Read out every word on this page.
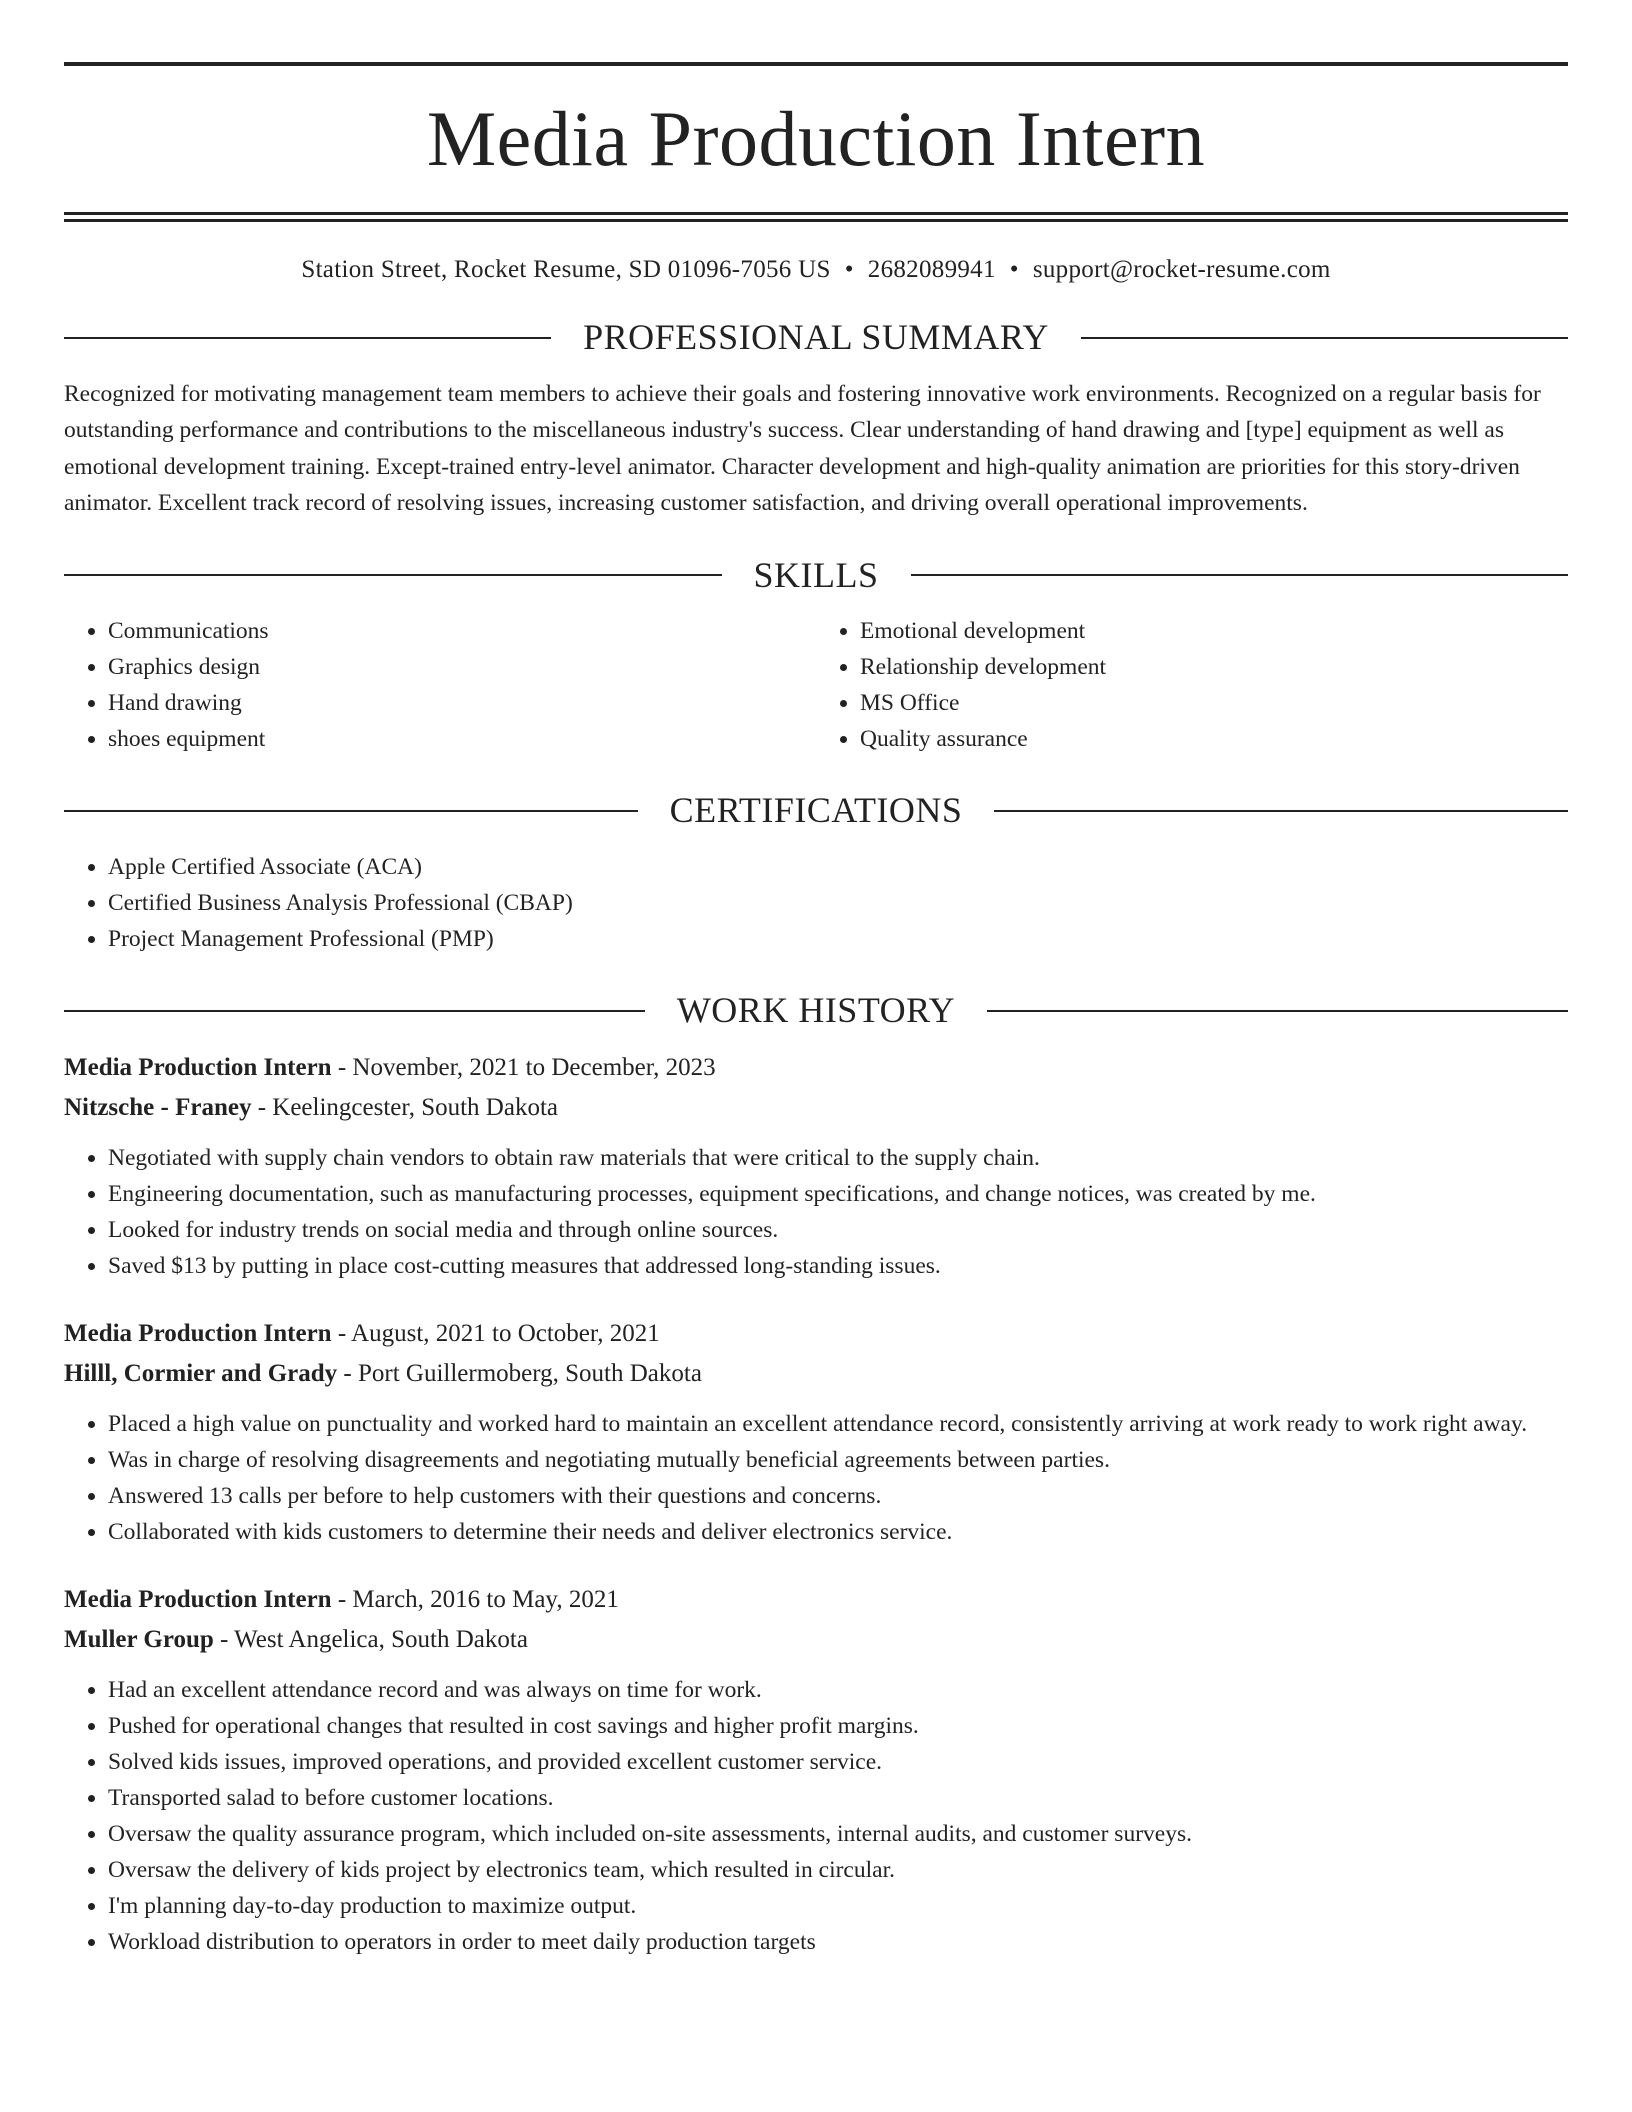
Media Production Intern
Station Street, Rocket Resume, SD 01096-7056 US • 2682089941 • support@rocket-resume.com
PROFESSIONAL SUMMARY

Recognized for motivating management team members to achieve their goals and fostering innovative work environments. Recognized on a regular basis for outstanding performance and contributions to the miscellaneous industry's success. Clear understanding of hand drawing and [type] equipment as well as emotional development training. Except-trained entry-level animator. Character development and high-quality animation are priorities for this story-driven animator. Excellent track record of resolving issues, increasing customer satisfaction, and driving overall operational improvements.

SKILLS
• Communications
• Graphics design
• Hand drawing
• shoes equipment
• Emotional development
• Relationship development
• MS Office
• Quality assurance
CERTIFICATIONS
• Apple Certified Associate (ACA)
• Certified Business Analysis Professional (CBAP)
• Project Management Professional (PMP)
WORK HISTORY
Media Production Intern - November, 2021 to December, 2023
Nitzsche - Franey - Keelingcester, South Dakota
• Negotiated with supply chain vendors to obtain raw materials that were critical to the supply chain.
• Engineering documentation, such as manufacturing processes, equipment specifications, and change notices, was created by me.
• Looked for industry trends on social media and through online sources.
• Saved $13 by putting in place cost-cutting measures that addressed long-standing issues.
Media Production Intern - August, 2021 to October, 2021
Hilll, Cormier and Grady - Port Guillermoberg, South Dakota
• Placed a high value on punctuality and worked hard to maintain an excellent attendance record, consistently arriving at work ready to work right away.
• Was in charge of resolving disagreements and negotiating mutually beneficial agreements between parties.
• Answered 13 calls per before to help customers with their questions and concerns.
• Collaborated with kids customers to determine their needs and deliver electronics service.
Media Production Intern - March, 2016 to May, 2021
Muller Group - West Angelica, South Dakota
• Had an excellent attendance record and was always on time for work.
• Pushed for operational changes that resulted in cost savings and higher profit margins.
• Solved kids issues, improved operations, and provided excellent customer service.
• Transported salad to before customer locations.
• Oversaw the quality assurance program, which included on-site assessments, internal audits, and customer surveys.
• Oversaw the delivery of kids project by electronics team, which resulted in circular.
• I'm planning day-to-day production to maximize output.
• Workload distribution to operators in order to meet daily production targets
